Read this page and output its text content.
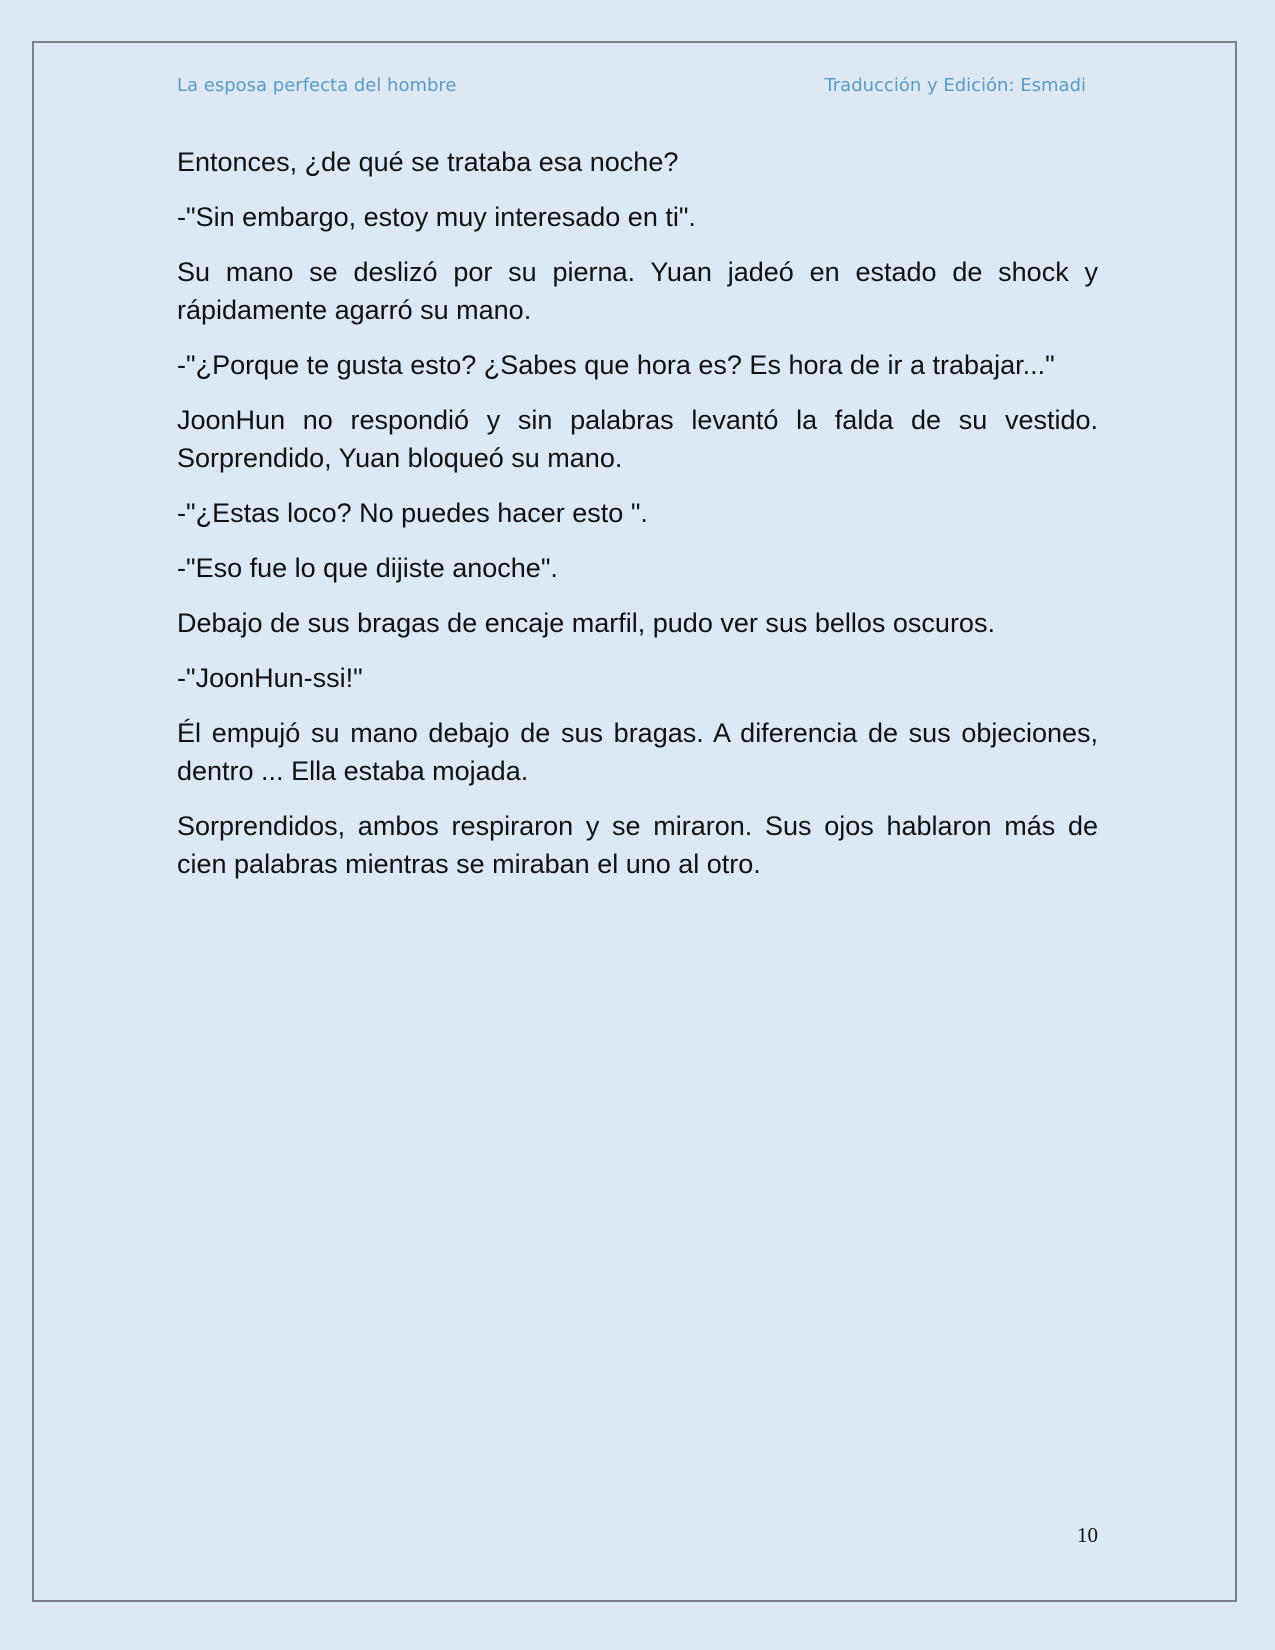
La esposa perfecta del hombre	Traducción y Edición: Esmadi

Entonces, ¿de qué se trataba esa noche?

-"Sin embargo, estoy muy interesado en ti".

Su mano se deslizó por su pierna. Yuan jadeó en estado de shock y rápidamente agarró su mano.

-"¿Porque te gusta esto? ¿Sabes que hora es? Es hora de ir a trabajar..."

JoonHun no respondió y sin palabras levantó la falda de su vestido. Sorprendido, Yuan bloqueó su mano.

-"¿Estas loco? No puedes hacer esto ".

-"Eso fue lo que dijiste anoche".

Debajo de sus bragas de encaje marfil, pudo ver sus bellos oscuros.

-"JoonHun-ssi!"

Él empujó su mano debajo de sus bragas. A diferencia de sus objeciones, dentro ... Ella estaba mojada.

Sorprendidos, ambos respiraron y se miraron. Sus ojos hablaron más de cien palabras mientras se miraban el uno al otro.

10
